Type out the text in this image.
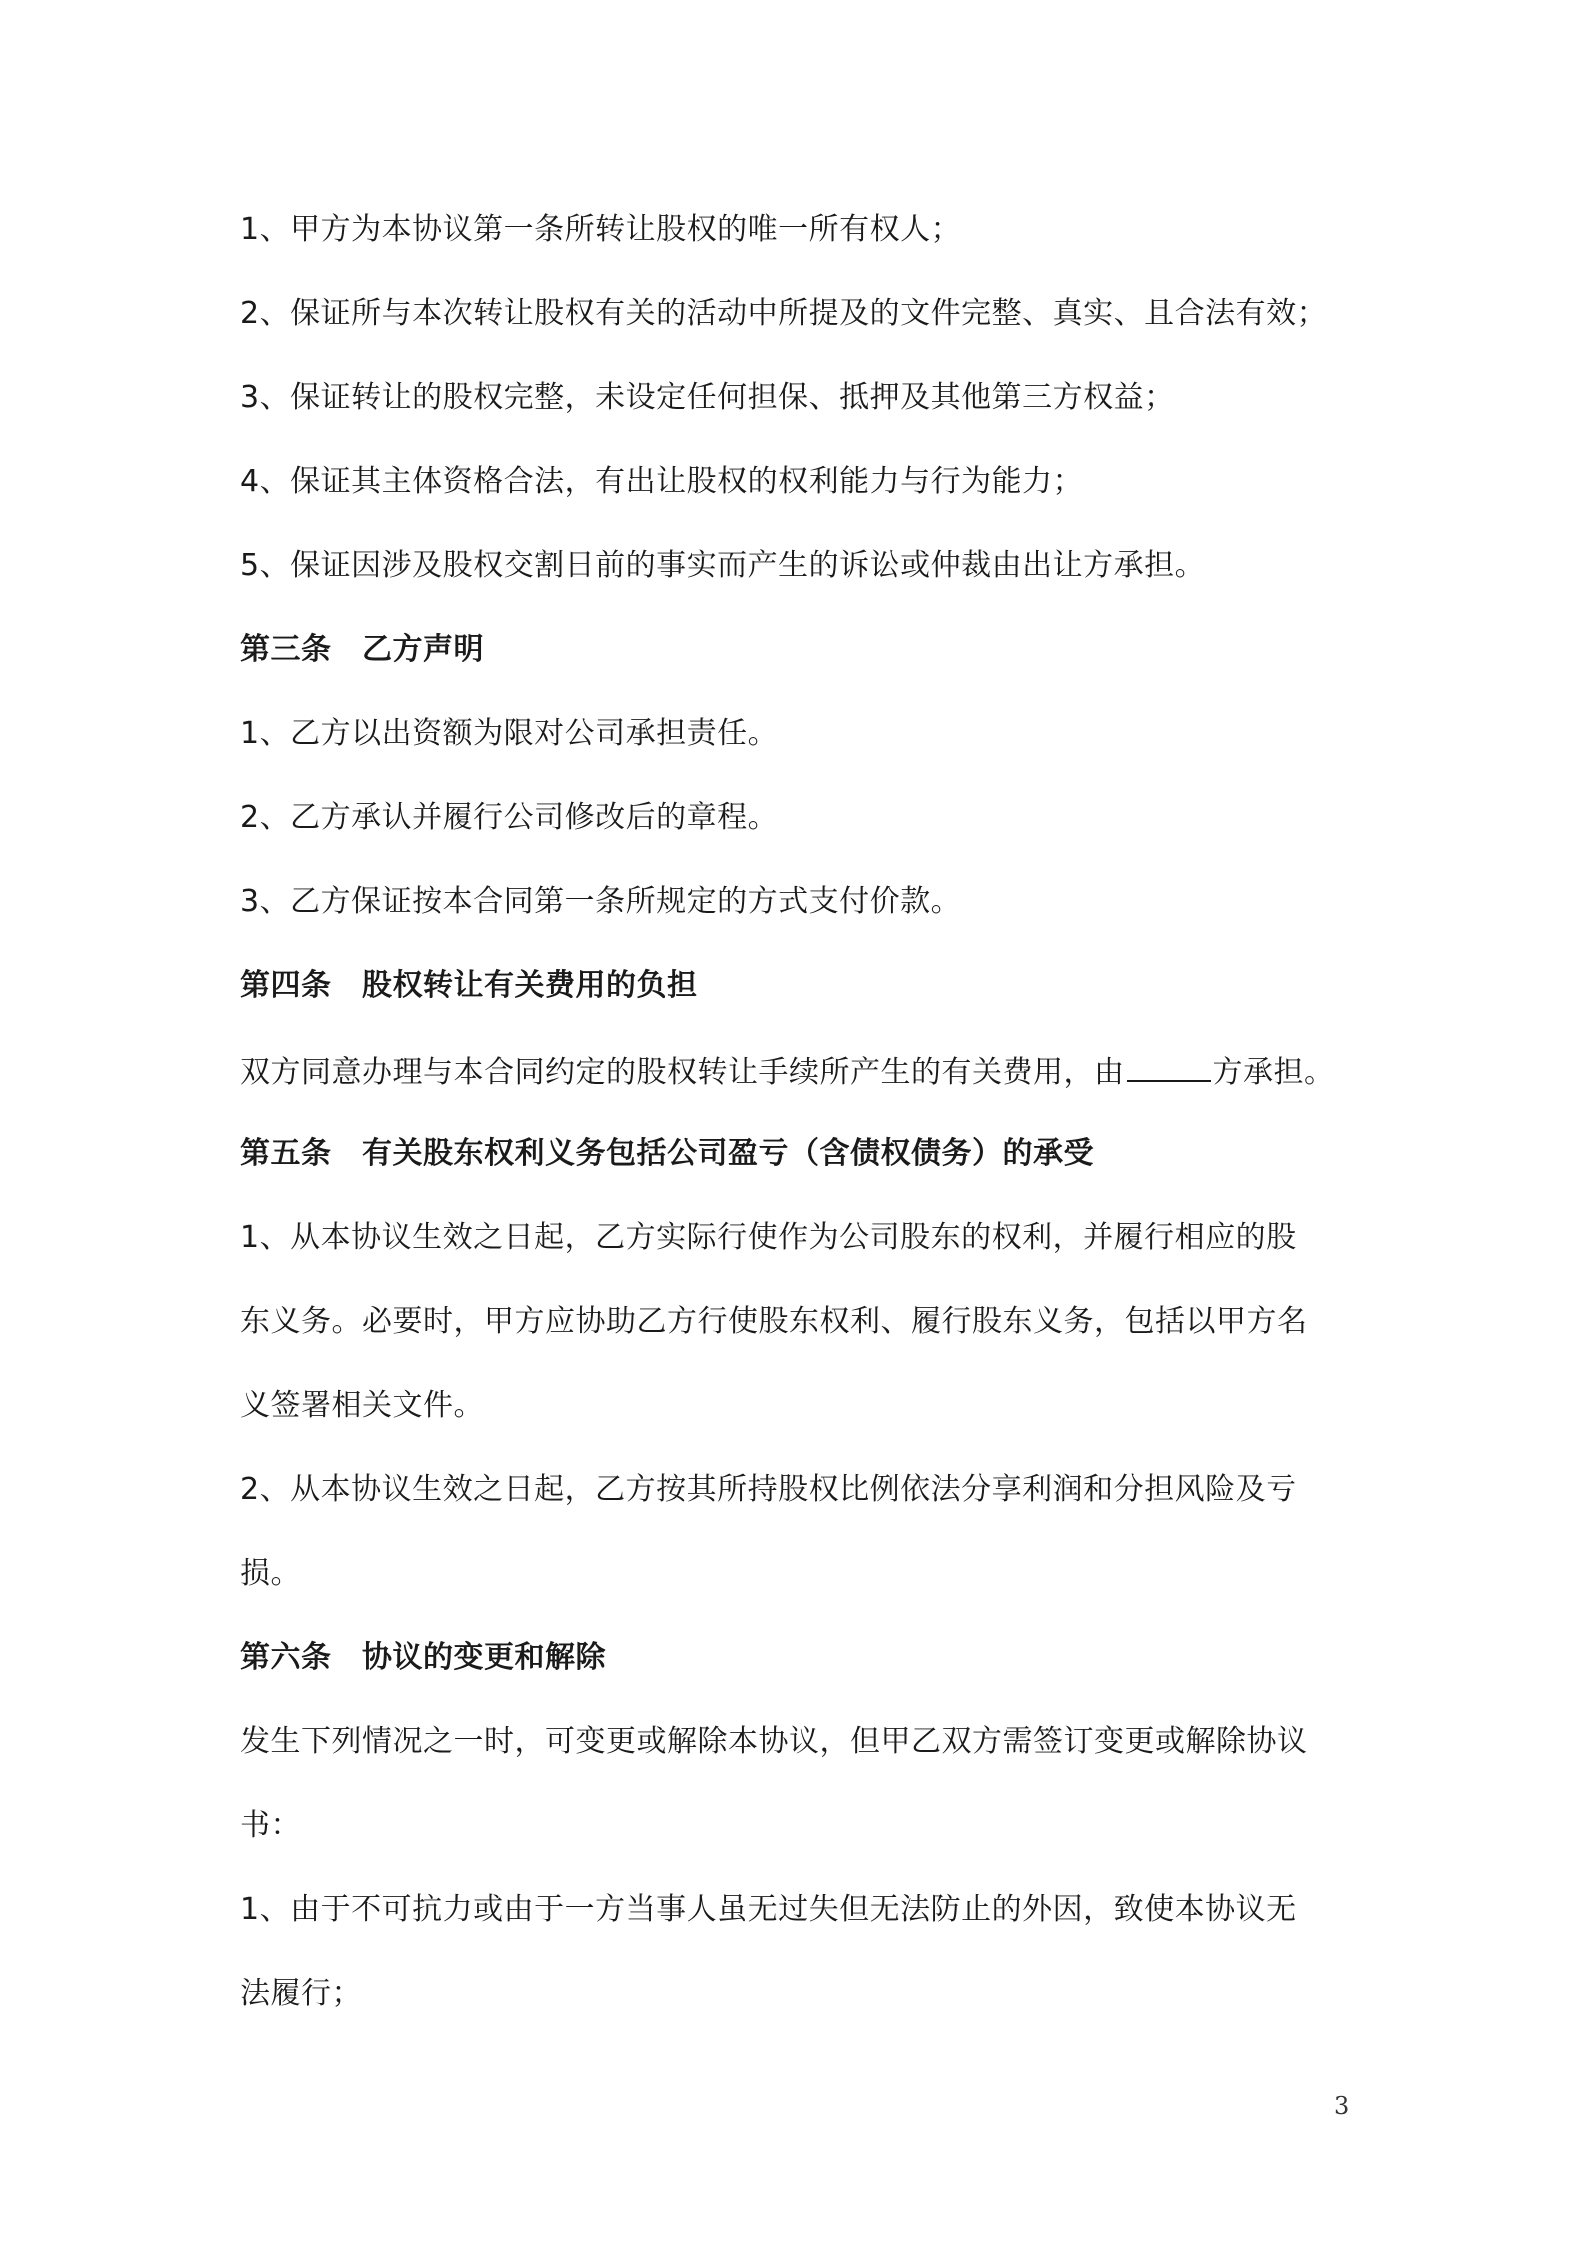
1、甲方为本协议第一条所转让股权的唯一所有权人；
2、保证所与本次转让股权有关的活动中所提及的文件完整、真实、且合法有效；
3、保证转让的股权完整，未设定任何担保、抵押及其他第三方权益；
4、保证其主体资格合法，有出让股权的权利能力与行为能力；
5、保证因涉及股权交割日前的事实而产生的诉讼或仲裁由出让方承担。
第三条　乙方声明
1、乙方以出资额为限对公司承担责任。
2、乙方承认并履行公司修改后的章程。
3、乙方保证按本合同第一条所规定的方式支付价款。
第四条　股权转让有关费用的负担
双方同意办理与本合同约定的股权转让手续所产生的有关费用，由	方承担。
第五条　有关股东权利义务包括公司盈亏（含债权债务）的承受
1、从本协议生效之日起，乙方实际行使作为公司股东的权利，并履行相应的股
东义务。必要时，甲方应协助乙方行使股东权利、履行股东义务，包括以甲方名
义签署相关文件。
2、从本协议生效之日起，乙方按其所持股权比例依法分享利润和分担风险及亏
损。
第六条　协议的变更和解除
发生下列情况之一时，可变更或解除本协议，但甲乙双方需签订变更或解除协议
书：
1、由于不可抗力或由于一方当事人虽无过失但无法防止的外因，致使本协议无
法履行；
3
